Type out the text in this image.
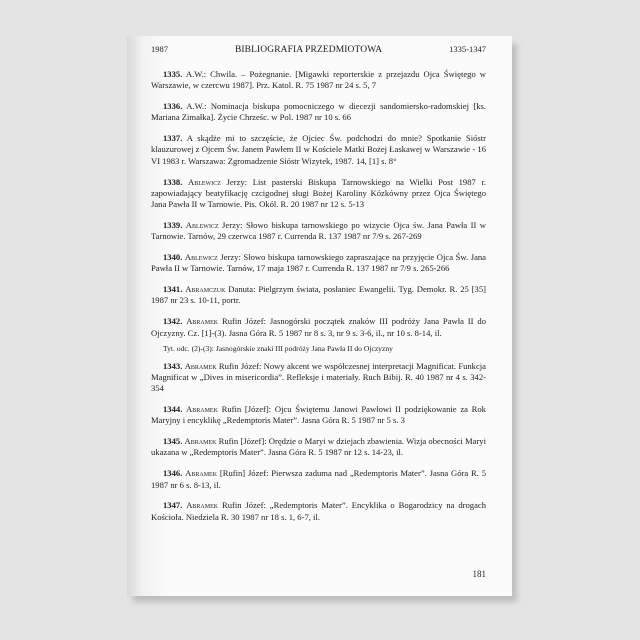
1987	BIBLIOGRAFIA PRZEDMIOTOWA	1335-1347

1335. A.W.: Chwila. – Pożegnanie. [Migawki reporterskie z przejazdu Ojca Świętego w Warszawie, w czercwu 1987]. Prz. Katol. R. 75 1987 nr 24 s. 5, 7

1336. A.W.: Nominacja biskupa pomocniczego w diecezji sandomiersko-radomskiej [ks. Mariana Zimałka]. Życie Chrześc. w Pol. 1987 nr 10 s. 66

1337. A skądże mi to szczęście, że Ojciec Św. podchodzi do mnie? Spotkanie Sióstr klauzurowej z Ojcem Św. Janem Pawłem II w Kościele Matki Bożej Łaskawej w Warszawie - 16 VI 1983 r. Warszawa: Zgromadzenie Sióstr Wizytek, 1987. 14, [1] s. 8°

1338. Ablewicz Jerzy: List pasterski Biskupa Tarnowskiego na Wielki Post 1987 r. zapowiadający beatyfikację czcigodnej sługi Bożej Karoliny Kózkówny przez Ojca Świętego Jana Pawła II w Tarnowie. Pis. Okól. R. 20 1987 nr 12 s. 5-13

1339. Ablewicz Jerzy: Słowo biskupa tarnowskiego po wizycie Ojca św. Jana Pawła II w Tarnowie. Tarnów, 29 czerwca 1987 r. Currenda R. 137 1987 nr 7/9 s. 267-269

1340. Ablewicz Jerzy: Słowo biskupa tarnowskiego zapraszające na przyjęcie Ojca Św. Jana Pawła II w Tarnowie. Tarnów, 17 maja 1987 r. Currenda R. 137 1987 nr 7/9 s. 265-266

1341. Abramczuk Danuta: Pielgrzym świata, posłaniec Ewangelii. Tyg. Demokr. R. 25 [35] 1987 nr 23 s. 10-11, portr.

1342. Abramek Rufin Józef: Jasnogórski początek znaków III podróży Jana Pawła II do Ojczyzny. Cz. [1]-(3). Jasna Góra R. 5 1987 nr 8 s. 3, nr 9 s. 3-6, il., nr 10 s. 8-14, il.

Tyt. odc. (2)-(3): Jasnogórskie znaki III podróży Jana Pawła II do Ojczyzny

1343. Abramek Rufin Józef: Nowy akcent we współczesnej interpretacji Magnificat. Funkcja Magnificat w „Dives in misericordia”. Refleksje i materiały. Ruch Bibij. R. 40 1987 nr 4 s. 342-354

1344. Abramek Rufin [Józef]: Ojcu Świętemu Janowi Pawłowi II podziękowanie za Rok Maryjny i encyklikę „Redemptoris Mater”. Jasna Góra R. 5 1987 nr 5 s. 3

1345. Abramek Rufin [Józef]: Orędzie o Maryi w dziejach zbawienia. Wizja obecności Maryi ukazana w „Redemptoris Mater”. Jasna Góra R. 5 1987 nr 12 s. 14-23, il.

1346. Abramek [Rufin] Józef: Pierwsza zaduma nad „Redemptoris Mater”. Jasna Góra R. 5 1987 nr 6 s. 8-13, il.

1347. Abramek Rufin Józef: „Redemptoris Mater”. Encyklika o Bogarodzicy na drogach Kościoła. Niedziela R. 30 1987 nr 18 s. 1, 6-7, il.

181
